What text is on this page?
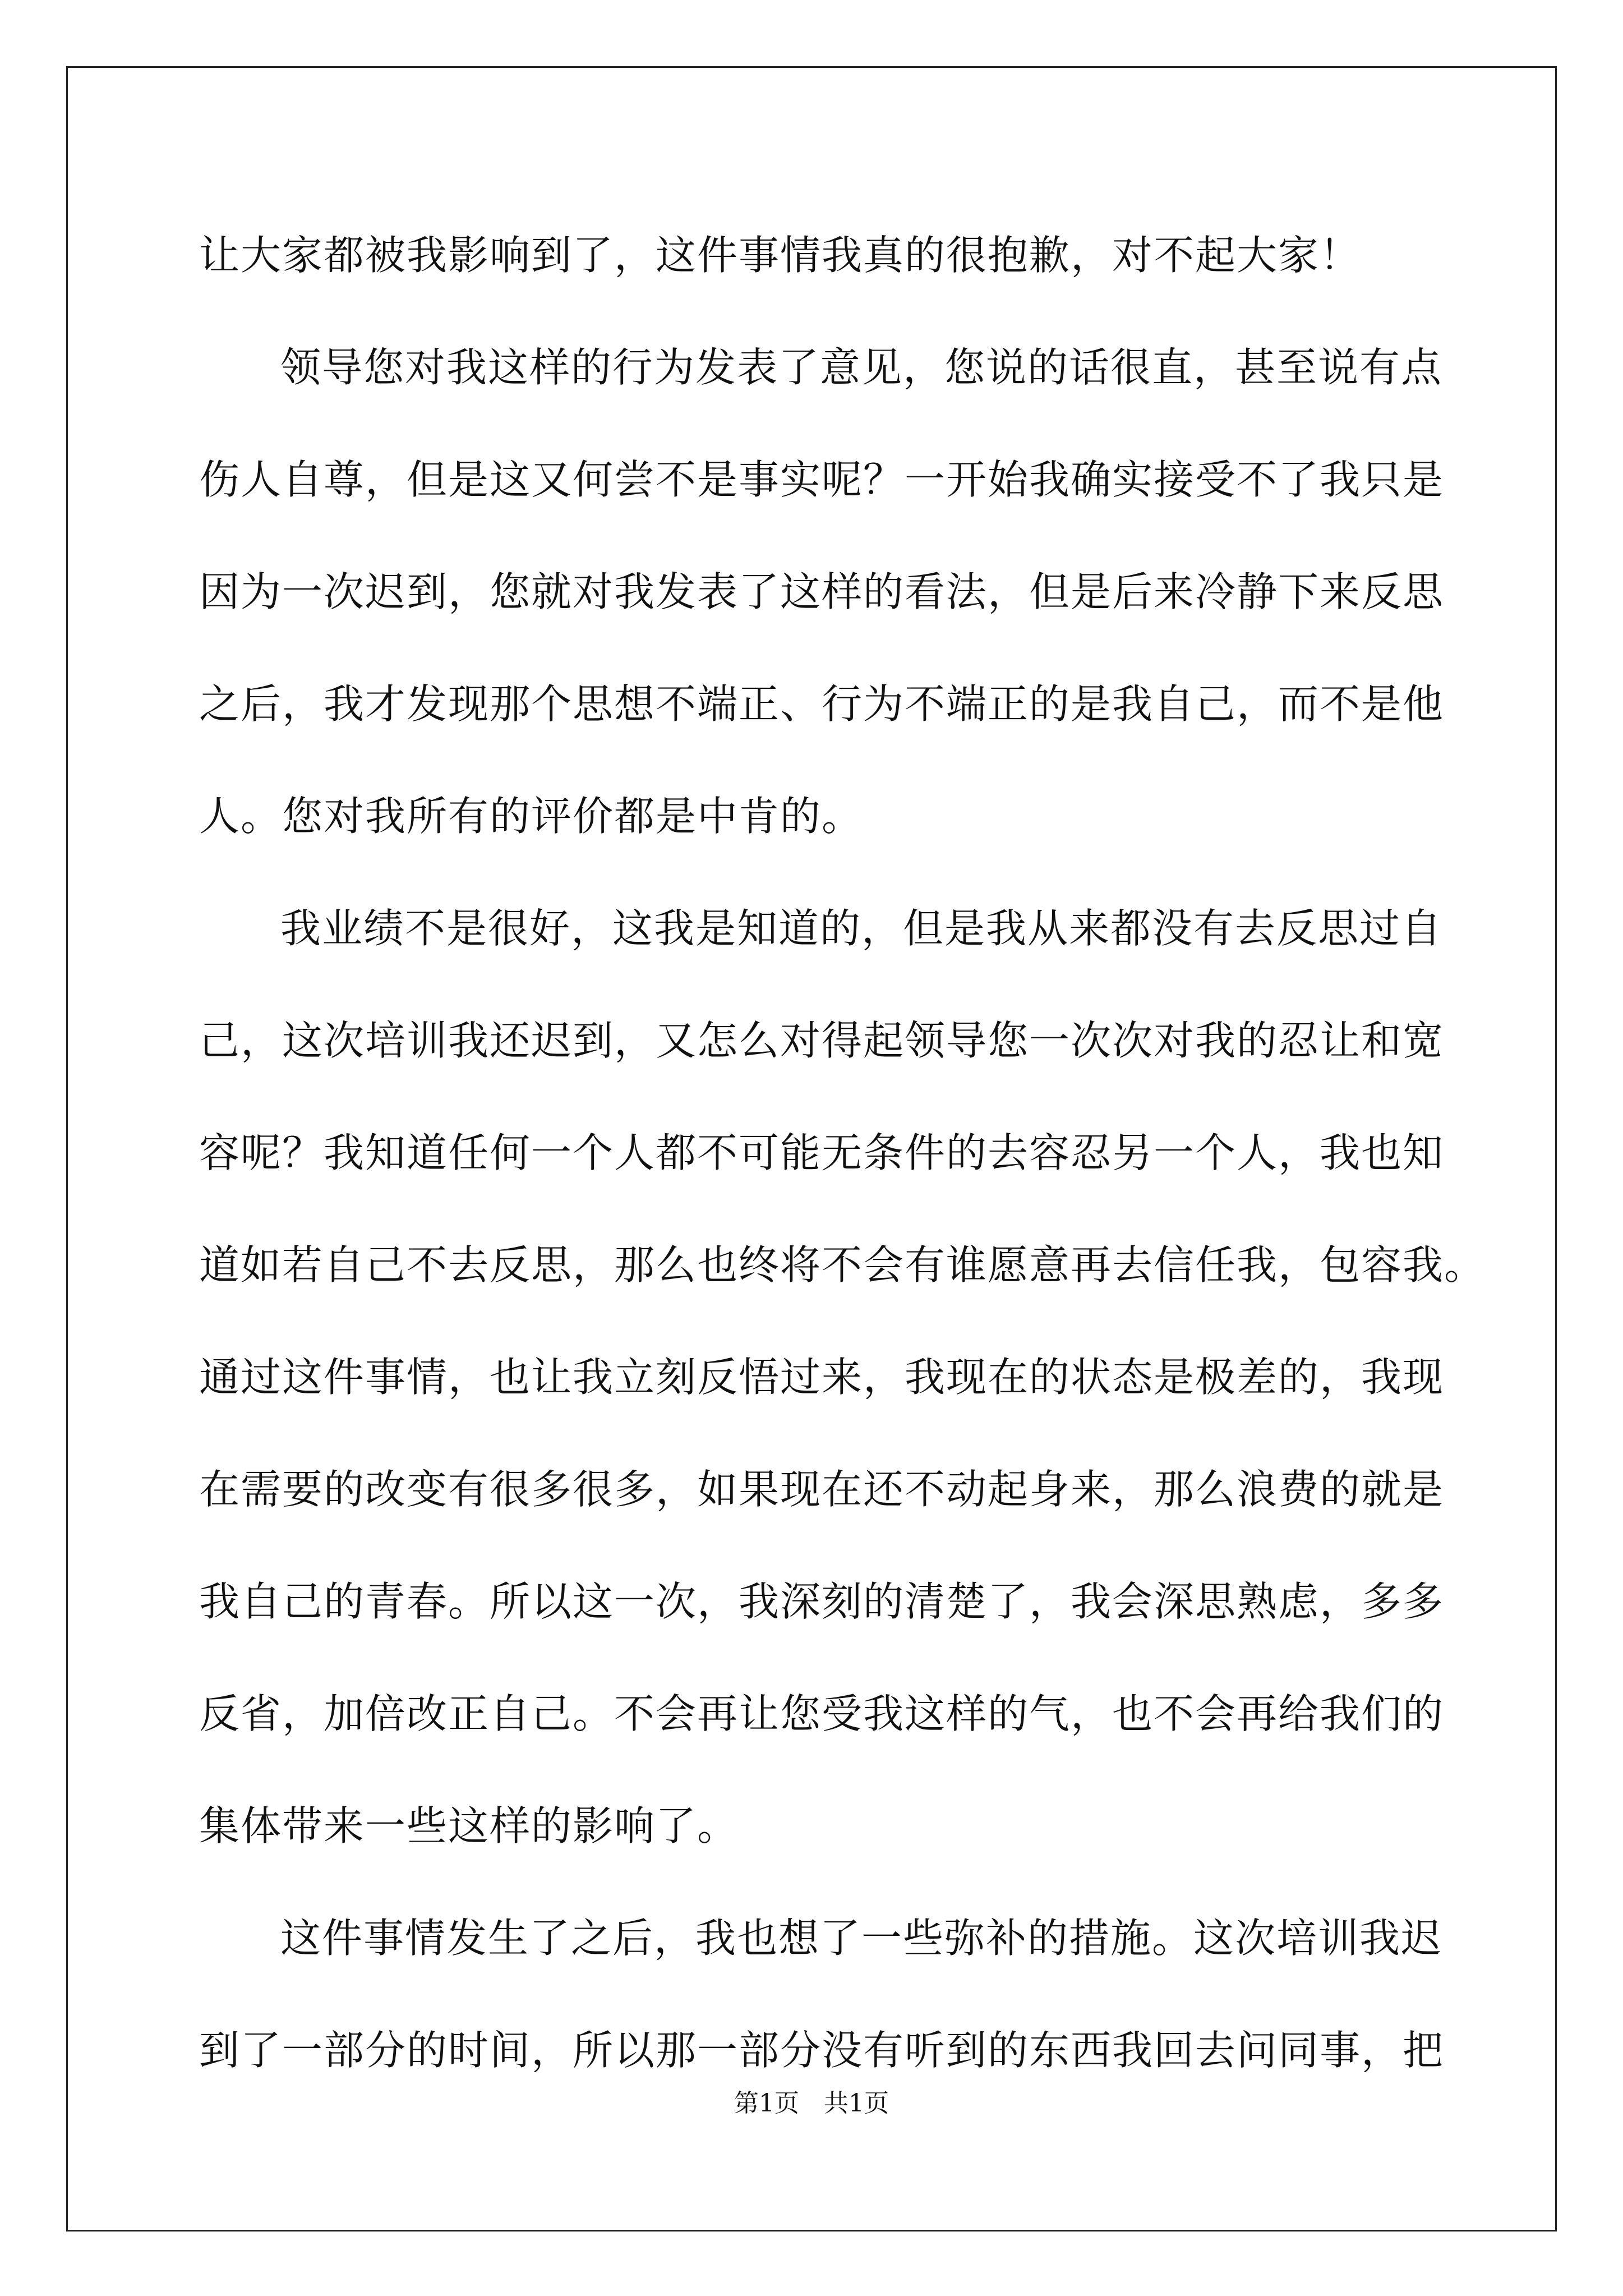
让大家都被我影响到了，这件事情我真的很抱歉，对不起大家！
领导您对我这样的行为发表了意见，您说的话很直，甚至说有点
伤人自尊，但是这又何尝不是事实呢？一开始我确实接受不了我只是
因为一次迟到，您就对我发表了这样的看法，但是后来冷静下来反思
之后，我才发现那个思想不端正、行为不端正的是我自己，而不是他
人。您对我所有的评价都是中肯的。
我业绩不是很好，这我是知道的，但是我从来都没有去反思过自
己，这次培训我还迟到，又怎么对得起领导您一次次对我的忍让和宽
容呢？我知道任何一个人都不可能无条件的去容忍另一个人，我也知
道如若自己不去反思，那么也终将不会有谁愿意再去信任我，包容我。
通过这件事情，也让我立刻反悟过来，我现在的状态是极差的，我现
在需要的改变有很多很多，如果现在还不动起身来，那么浪费的就是
我自己的青春。所以这一次，我深刻的清楚了，我会深思熟虑，多多
反省，加倍改正自己。不会再让您受我这样的气，也不会再给我们的
集体带来一些这样的影响了。
这件事情发生了之后，我也想了一些弥补的措施。这次培训我迟
到了一部分的时间，所以那一部分没有听到的东西我回去问同事，把
第1页　共1页
